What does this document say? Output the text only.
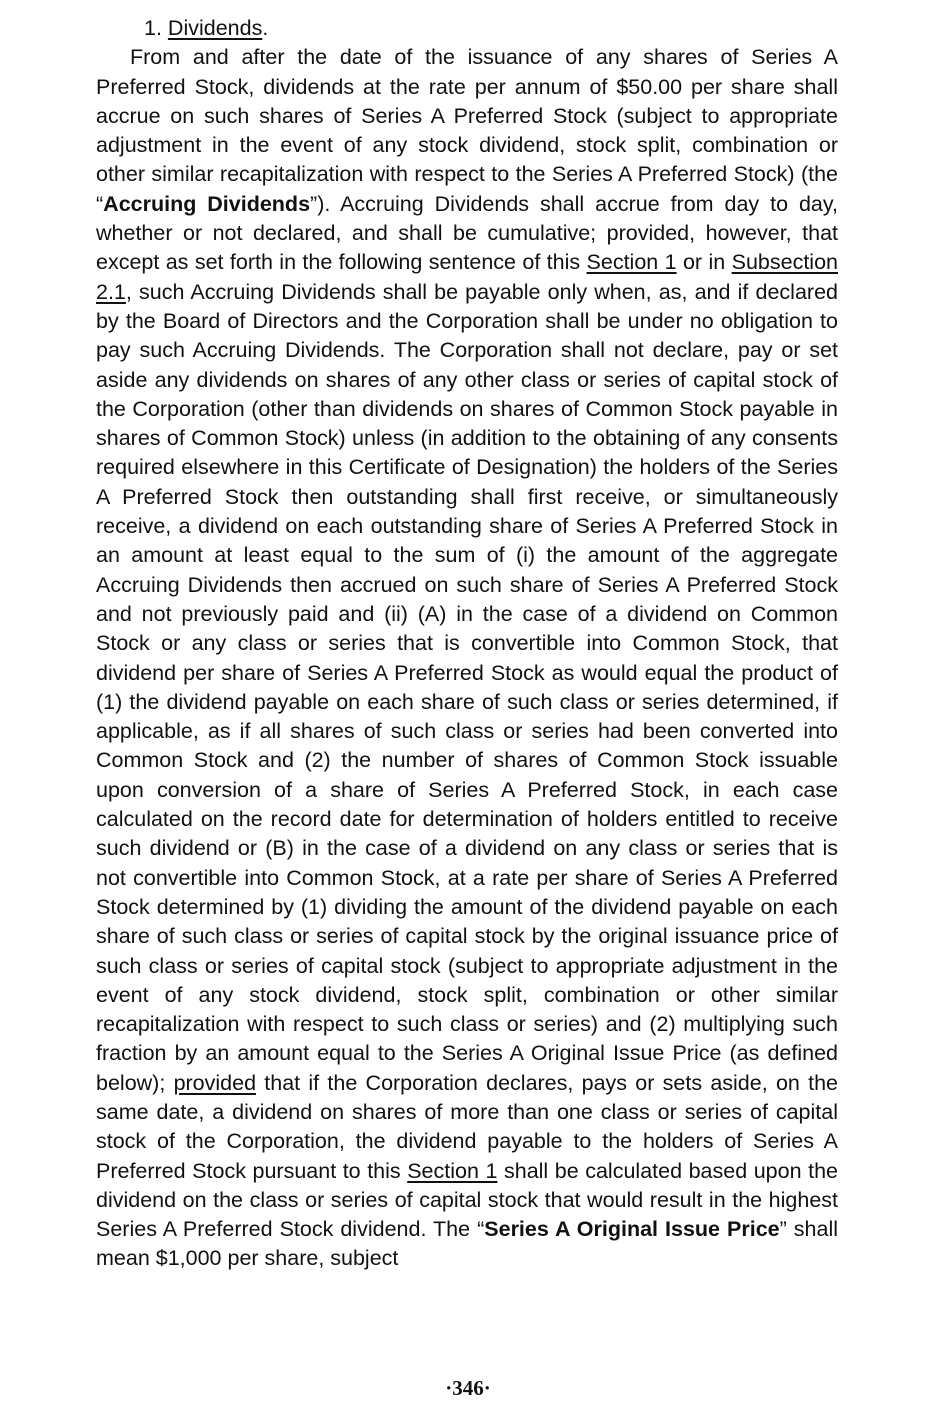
1. Dividends.

From and after the date of the issuance of any shares of Series A Preferred Stock, dividends at the rate per annum of $50.00 per share shall accrue on such shares of Series A Preferred Stock (subject to appropriate adjustment in the event of any stock dividend, stock split, combination or other similar recapitalization with respect to the Series A Preferred Stock) (the “Accruing Dividends”). Accruing Dividends shall accrue from day to day, whether or not declared, and shall be cumulative; provided, however, that except as set forth in the following sentence of this Section 1 or in Subsection 2.1, such Accruing Dividends shall be payable only when, as, and if declared by the Board of Directors and the Corporation shall be under no obligation to pay such Accruing Dividends. The Corporation shall not declare, pay or set aside any dividends on shares of any other class or series of capital stock of the Corporation (other than dividends on shares of Common Stock payable in shares of Common Stock) unless (in addition to the obtaining of any consents required elsewhere in this Certificate of Designation) the holders of the Series A Preferred Stock then outstanding shall first receive, or simultaneously receive, a dividend on each outstanding share of Series A Preferred Stock in an amount at least equal to the sum of (i) the amount of the aggregate Accruing Dividends then accrued on such share of Series A Preferred Stock and not previously paid and (ii) (A) in the case of a dividend on Common Stock or any class or series that is convertible into Common Stock, that dividend per share of Series A Preferred Stock as would equal the product of (1) the dividend payable on each share of such class or series determined, if applicable, as if all shares of such class or series had been converted into Common Stock and (2) the number of shares of Common Stock issuable upon conversion of a share of Series A Preferred Stock, in each case calculated on the record date for determination of holders entitled to receive such dividend or (B) in the case of a dividend on any class or series that is not convertible into Common Stock, at a rate per share of Series A Preferred Stock determined by (1) dividing the amount of the dividend payable on each share of such class or series of capital stock by the original issuance price of such class or series of capital stock (subject to appropriate adjustment in the event of any stock dividend, stock split, combination or other similar recapitalization with respect to such class or series) and (2) multiplying such fraction by an amount equal to the Series A Original Issue Price (as defined below); provided that if the Corporation declares, pays or sets aside, on the same date, a dividend on shares of more than one class or series of capital stock of the Corporation, the dividend payable to the holders of Series A Preferred Stock pursuant to this Section 1 shall be calculated based upon the dividend on the class or series of capital stock that would result in the highest Series A Preferred Stock dividend. The “Series A Original Issue Price” shall mean $1,000 per share, subject

·346·
